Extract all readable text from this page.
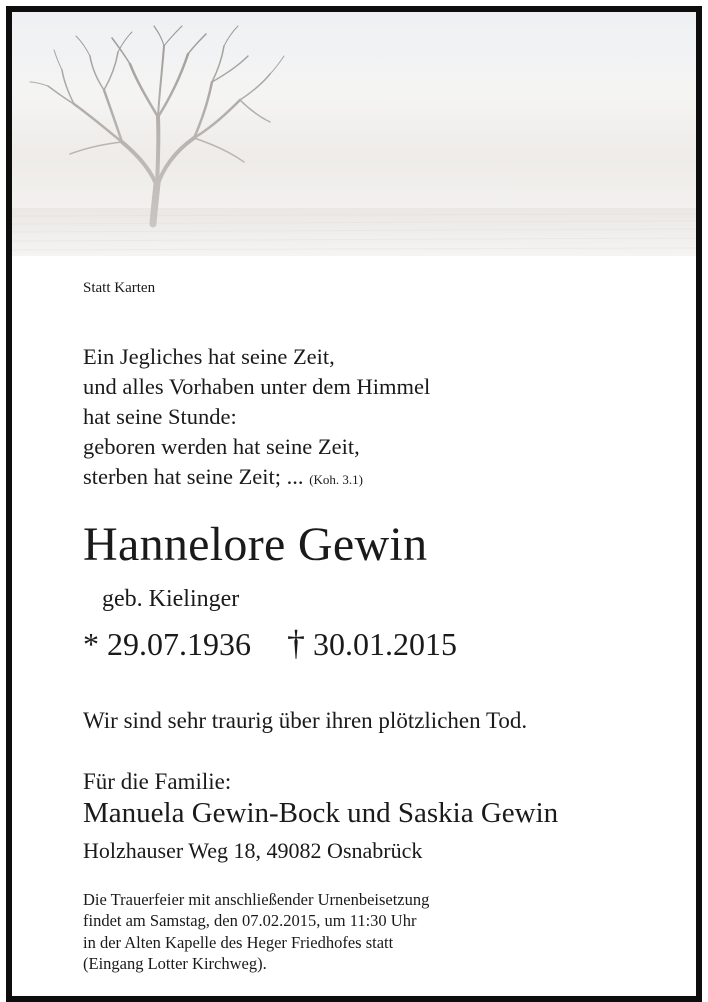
Statt Karten
Ein Jegliches hat seine Zeit,
und alles Vorhaben unter dem Himmel
hat seine Stunde:
geboren werden hat seine Zeit,
sterben hat seine Zeit; ... (Koh. 3.1)
Hannelore Gewin
geb. Kielinger
* 29.07.1936 † 30.01.2015
Wir sind sehr traurig über ihren plötzlichen Tod.
Für die Familie:
Manuela Gewin-Bock und Saskia Gewin
Holzhauser Weg 18, 49082 Osnabrück
Die Trauerfeier mit anschließender Urnenbeisetzung
findet am Samstag, den 07.02.2015, um 11:30 Uhr
in der Alten Kapelle des Heger Friedhofes statt
(Eingang Lotter Kirchweg).
